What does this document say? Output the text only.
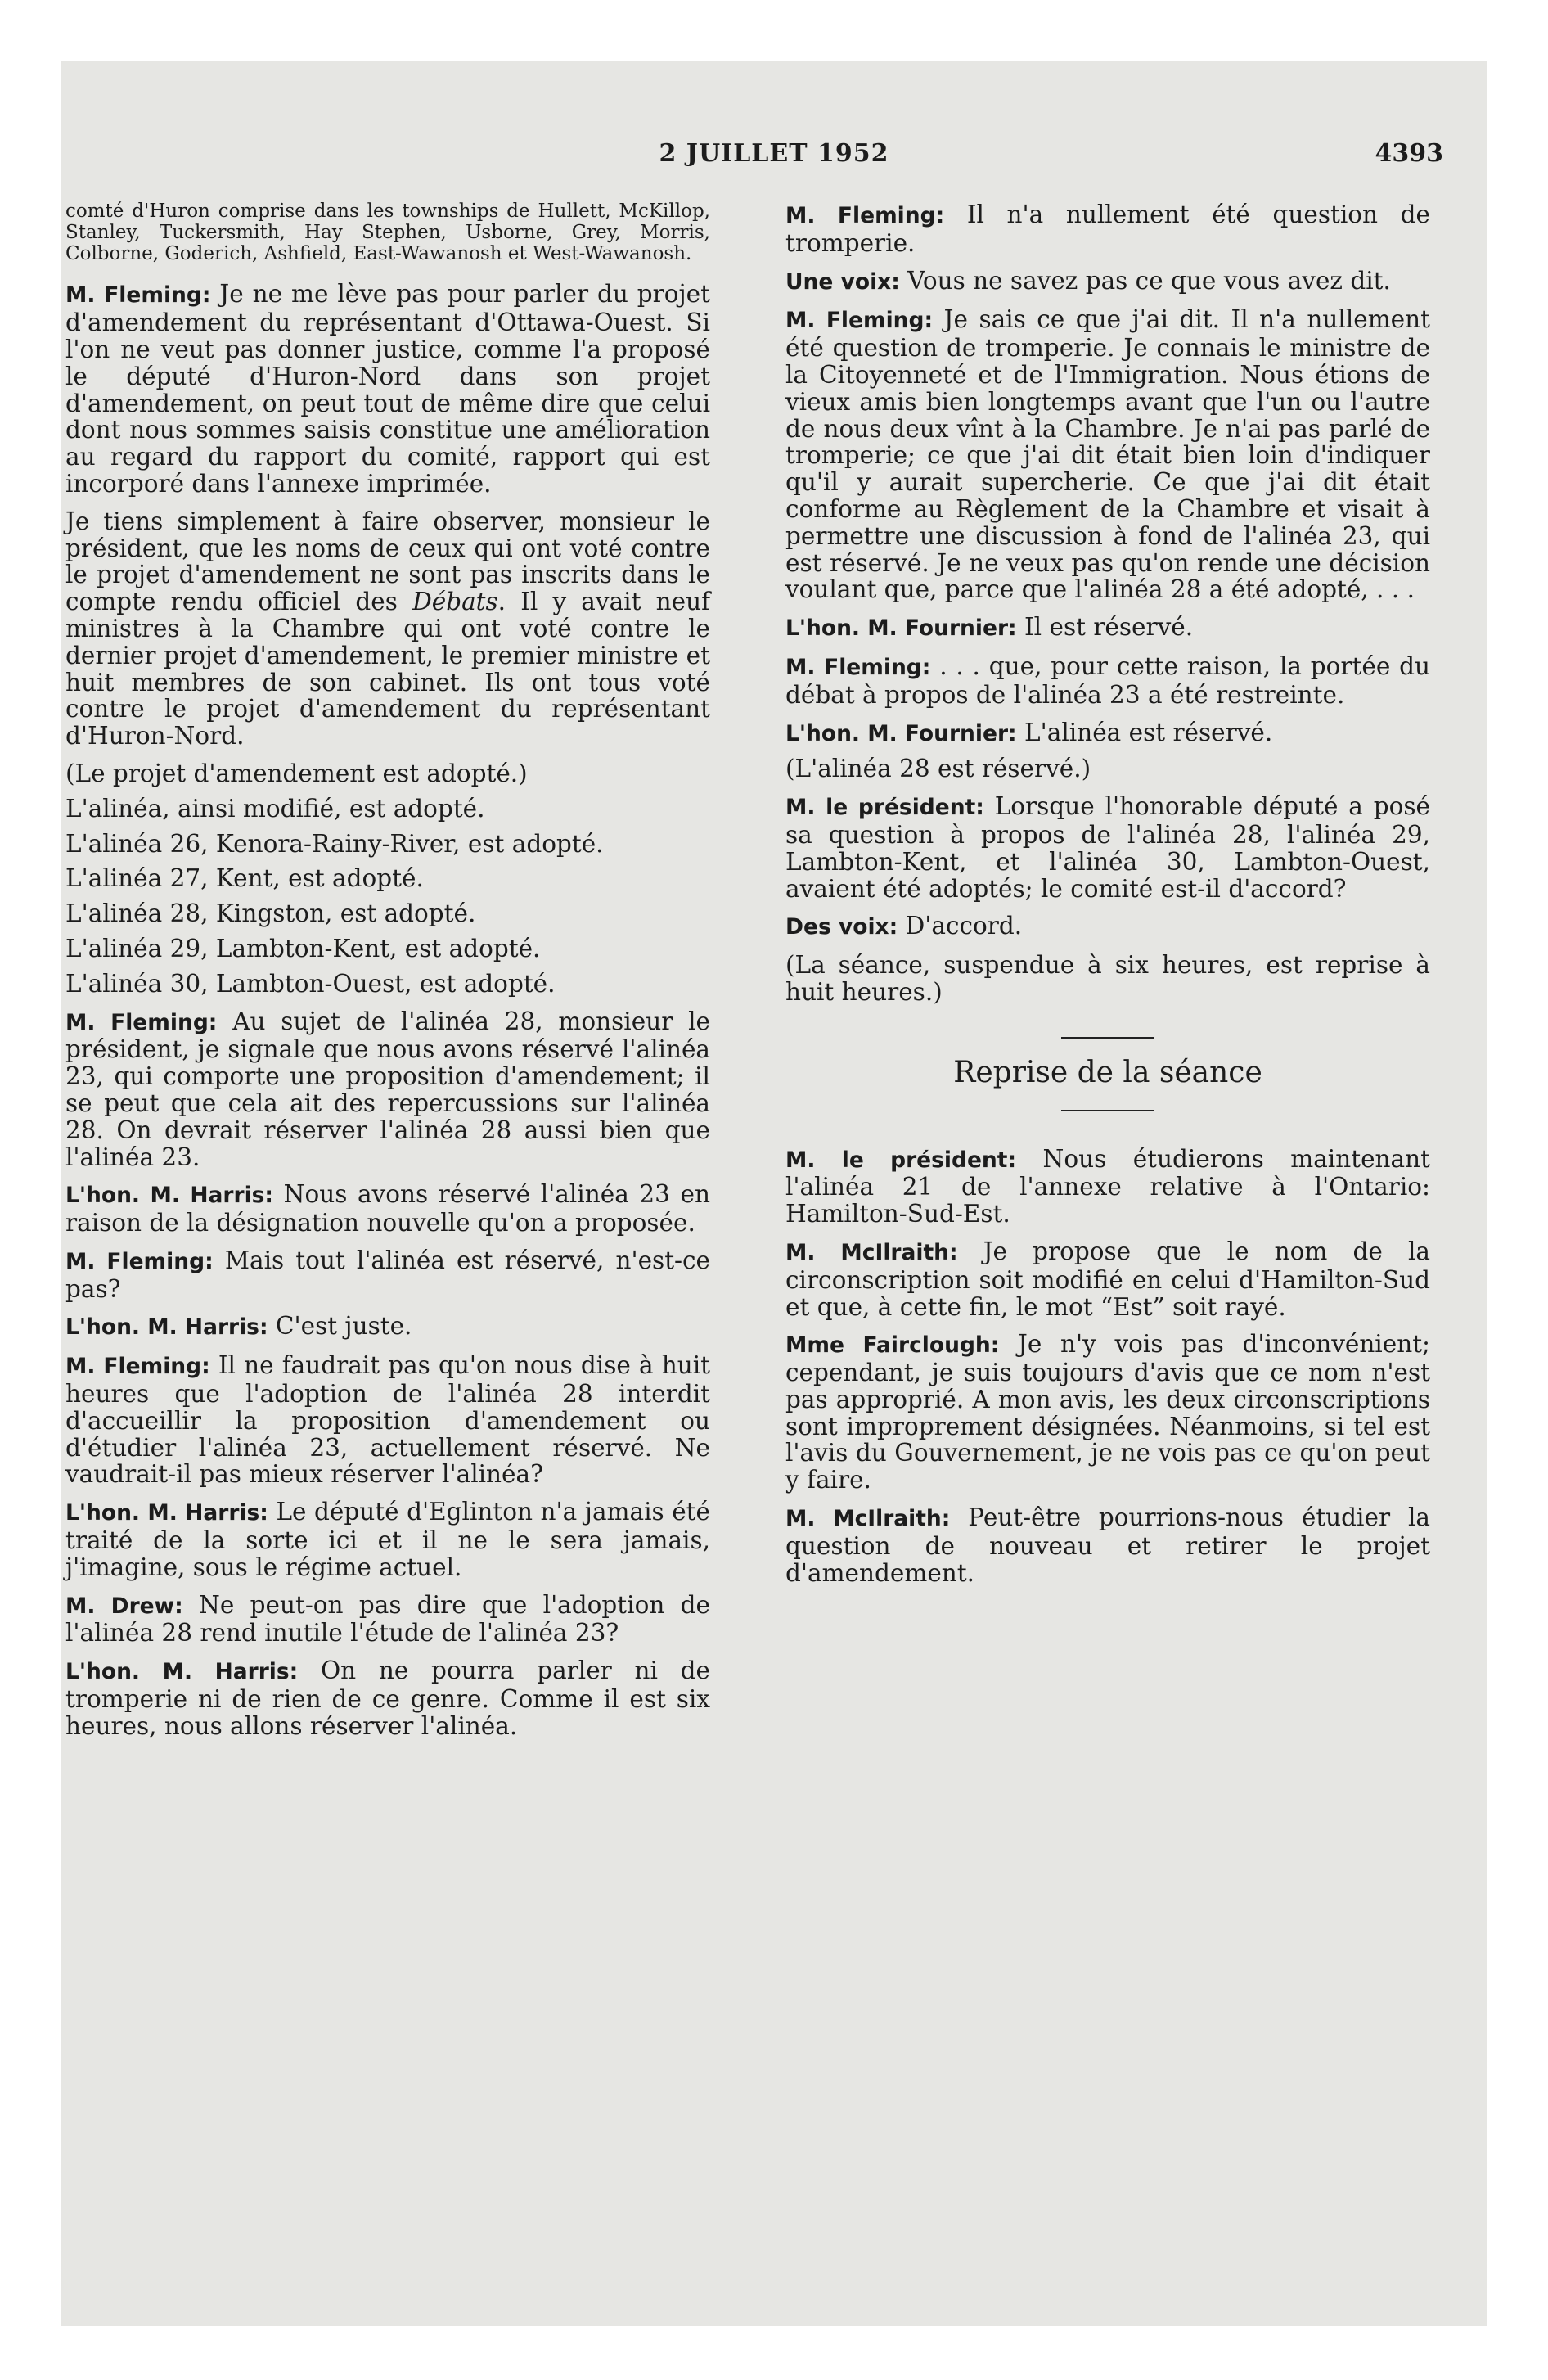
2 JUILLET 1952	4393

comté d'Huron comprise dans les townships de Hullett, McKillop, Stanley, Tuckersmith, Hay Stephen, Usborne, Grey, Morris, Colborne, Goderich, Ashfield, East-Wawanosh et West-Wawanosh.

M. Fleming: Je ne me lève pas pour parler du projet d'amendement du représentant d'Ottawa-Ouest. Si l'on ne veut pas donner justice, comme l'a proposé le député d'Huron-Nord dans son projet d'amendement, on peut tout de même dire que celui dont nous sommes saisis constitue une amélioration au regard du rapport du comité, rapport qui est incorporé dans l'annexe imprimée.

Je tiens simplement à faire observer, monsieur le président, que les noms de ceux qui ont voté contre le projet d'amendement ne sont pas inscrits dans le compte rendu officiel des Débats. Il y avait neuf ministres à la Chambre qui ont voté contre le dernier projet d'amendement, le premier ministre et huit membres de son cabinet. Ils ont tous voté contre le projet d'amendement du représentant d'Huron-Nord.

(Le projet d'amendement est adopté.)

L'alinéa, ainsi modifié, est adopté.

L'alinéa 26, Kenora-Rainy-River, est adopté.

L'alinéa 27, Kent, est adopté.

L'alinéa 28, Kingston, est adopté.

L'alinéa 29, Lambton-Kent, est adopté.

L'alinéa 30, Lambton-Ouest, est adopté.

M. Fleming: Au sujet de l'alinéa 28, monsieur le président, je signale que nous avons réservé l'alinéa 23, qui comporte une proposition d'amendement; il se peut que cela ait des repercussions sur l'alinéa 28. On devrait réserver l'alinéa 28 aussi bien que l'alinéa 23.

L'hon. M. Harris: Nous avons réservé l'alinéa 23 en raison de la désignation nouvelle qu'on a proposée.

M. Fleming: Mais tout l'alinéa est réservé, n'est-ce pas?

L'hon. M. Harris: C'est juste.

M. Fleming: Il ne faudrait pas qu'on nous dise à huit heures que l'adoption de l'alinéa 28 interdit d'accueillir la proposition d'amendement ou d'étudier l'alinéa 23, actuellement réservé. Ne vaudrait-il pas mieux réserver l'alinéa?

L'hon. M. Harris: Le député d'Eglinton n'a jamais été traité de la sorte ici et il ne le sera jamais, j'imagine, sous le régime actuel.

M. Drew: Ne peut-on pas dire que l'adoption de l'alinéa 28 rend inutile l'étude de l'alinéa 23?

L'hon. M. Harris: On ne pourra parler ni de tromperie ni de rien de ce genre. Comme il est six heures, nous allons réserver l'alinéa.

M. Fleming: Il n'a nullement été question de tromperie.

Une voix: Vous ne savez pas ce que vous avez dit.

M. Fleming: Je sais ce que j'ai dit. Il n'a nullement été question de tromperie. Je connais le ministre de la Citoyenneté et de l'Immigration. Nous étions de vieux amis bien longtemps avant que l'un ou l'autre de nous deux vînt à la Chambre. Je n'ai pas parlé de tromperie; ce que j'ai dit était bien loin d'indiquer qu'il y aurait supercherie. Ce que j'ai dit était conforme au Règlement de la Chambre et visait à permettre une discussion à fond de l'alinéa 23, qui est réservé. Je ne veux pas qu'on rende une décision voulant que, parce que l'alinéa 28 a été adopté, . . .

L'hon. M. Fournier: Il est réservé.

M. Fleming: . . . que, pour cette raison, la portée du débat à propos de l'alinéa 23 a été restreinte.

L'hon. M. Fournier: L'alinéa est réservé.

(L'alinéa 28 est réservé.)

M. le président: Lorsque l'honorable député a posé sa question à propos de l'alinéa 28, l'alinéa 29, Lambton-Kent, et l'alinéa 30, Lambton-Ouest, avaient été adoptés; le comité est-il d'accord?

Des voix: D'accord.

(La séance, suspendue à six heures, est reprise à huit heures.)

Reprise de la séance

M. le président: Nous étudierons maintenant l'alinéa 21 de l'annexe relative à l'Ontario: Hamilton-Sud-Est.

M. McIlraith: Je propose que le nom de la circonscription soit modifié en celui d'Hamilton-Sud et que, à cette fin, le mot “Est” soit rayé.

Mme Fairclough: Je n'y vois pas d'inconvénient; cependant, je suis toujours d'avis que ce nom n'est pas approprié. A mon avis, les deux circonscriptions sont improprement désignées. Néanmoins, si tel est l'avis du Gouvernement, je ne vois pas ce qu'on peut y faire.

M. McIlraith: Peut-être pourrions-nous étudier la question de nouveau et retirer le projet d'amendement.
